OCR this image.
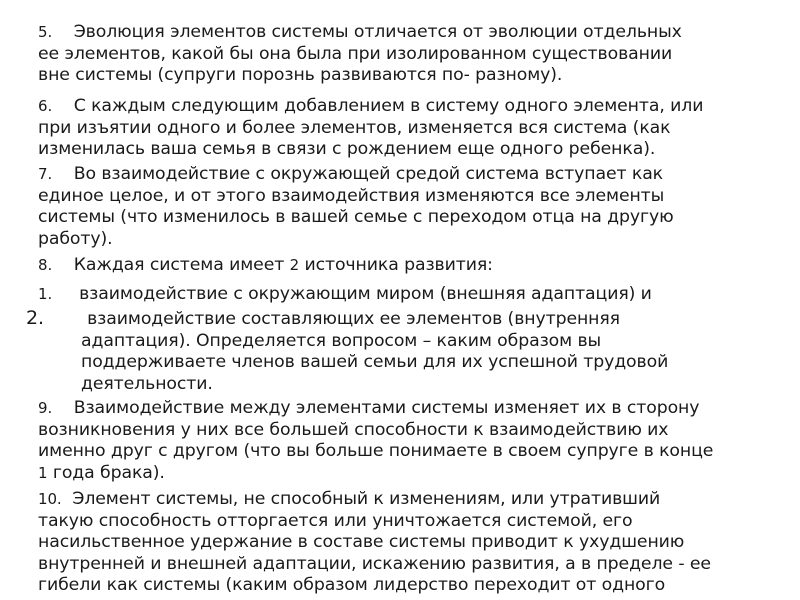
5. Эволюция элементов системы отличается от эволюции отдельных
ее элементов, какой бы она была при изолированном существовании
вне системы (супруги порознь развиваются по- разному).
6. С каждым следующим добавлением в систему одного элемента, или
при изъятии одного и более элементов, изменяется вся система (как
изменилась ваша семья в связи с рождением еще одного ребенка).
7. Во взаимодействие с окружающей средой система вступает как
единое целое, и от этого взаимодействия изменяются все элементы
системы (что изменилось в вашей семье с переходом отца на другую
работу).
8. Каждая система имеет 2 источника развития:
1. взаимодействие с окружающим миром (внешняя адаптация) и
2. взаимодействие составляющих ее элементов (внутренняя
адаптация). Определяется вопросом – каким образом вы
поддерживаете членов вашей семьи для их успешной трудовой
деятельности.
9. Взаимодействие между элементами системы изменяет их в сторону
возникновения у них все большей способности к взаимодействию их
именно друг с другом (что вы больше понимаете в своем супруге в конце
1 года брака).
10. Элемент системы, не способный к изменениям, или утративший
такую способность отторгается или уничтожается системой, его
насильственное удержание в составе системы приводит к ухудшению
внутренней и внешней адаптации, искажению развития, а в пределе - ее
гибели как системы (каким образом лидерство переходит от одного
